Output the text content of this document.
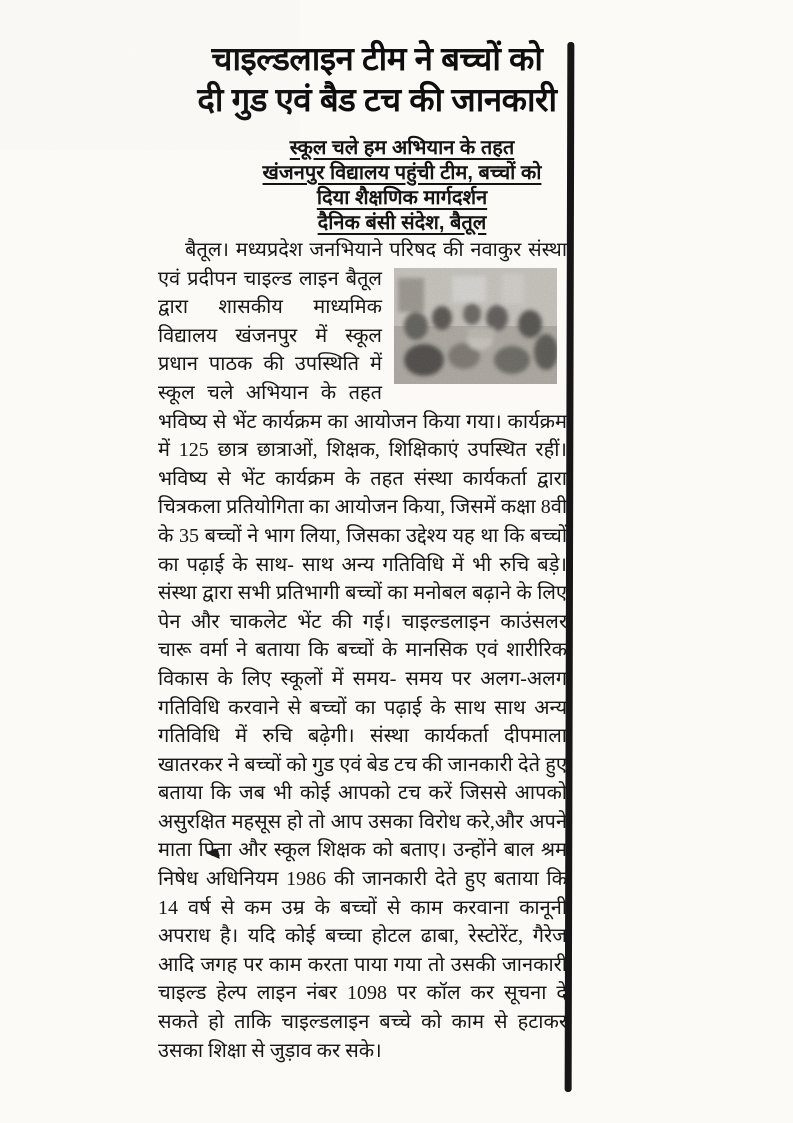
चाइल्डलाइन टीम ने बच्चों को
दी गुड एवं बैड टच की जानकारी
स्कूल चले हम अभियान के तहत
खंजनपुर विद्यालय पहुंची टीम, बच्चों को
दिया शैक्षणिक मार्गदर्शन
दैनिक बंसी संदेश, बैतूल

बैतूल। मध्यप्रदेश जनभियाने परिषद की नवाकुर संस्था एवं प्रदीपन चाइल्ड लाइन बैतूल द्वारा शासकीय माध्यमिक विद्यालय खंजनपुर में स्कूल प्रधान पाठक की उपस्थिति में स्कूल चले अभियान के तहत भविष्य से भेंट कार्यक्रम का आयोजन किया गया। कार्यक्रम में 125 छात्र छात्राओं, शिक्षक, शिक्षिकाएं उपस्थित रहीं। भविष्य से भेंट कार्यक्रम के तहत संस्था कार्यकर्ता द्वारा चित्रकला प्रतियोगिता का आयोजन किया, जिसमें कक्षा 8वी के 35 बच्चों ने भाग लिया, जिसका उद्देश्य यह था कि बच्चों का पढ़ाई के साथ- साथ अन्य गतिविधि में भी रुचि बड़े। संस्था द्वारा सभी प्रतिभागी बच्चों का मनोबल बढ़ाने के लिए पेन और चाकलेट भेंट की गई। चाइल्डलाइन काउंसलर चारू वर्मा ने बताया कि बच्चों के मानसिक एवं शारीरिक विकास के लिए स्कूलों में समय- समय पर अलग-अलग गतिविधि करवाने से बच्चों का पढ़ाई के साथ साथ अन्य गतिविधि में रुचि बढ़ेगी। संस्था कार्यकर्ता दीपमाला खातरकर ने बच्चों को गुड एवं बेड टच की जानकारी देते हुए बताया कि जब भी कोई आपको टच करें जिससे आपको असुरक्षित महसूस हो तो आप उसका विरोध करे,और अपने माता पिता और स्कूल शिक्षक को बताए। उन्होंने बाल श्रम निषेध अधिनियम 1986 की जानकारी देते हुए बताया कि 14 वर्ष से कम उम्र के बच्चों से काम करवाना कानूनी अपराध है। यदि कोई बच्चा होटल ढाबा, रेस्टोरेंट, गैरेज आदि जगह पर काम करता पाया गया तो उसकी जानकारी चाइल्ड हेल्प लाइन नंबर 1098 पर कॉल कर सूचना दे सकते हो ताकि चाइल्डलाइन बच्चे को काम से हटाकर उसका शिक्षा से जुड़ाव कर सके।
